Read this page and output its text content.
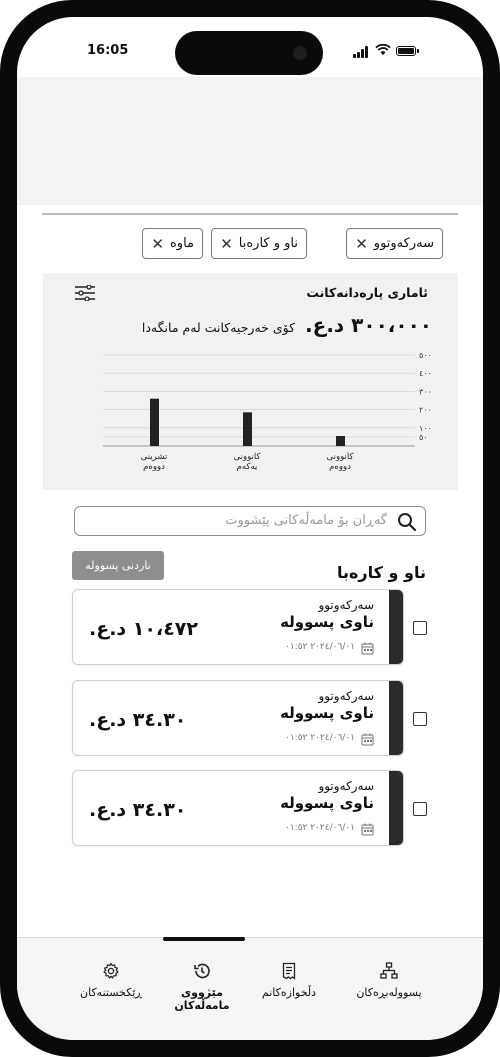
16:05
✕ سەرکەوتوو
✕ ناو و کارەبا
✕ ماوە
ئاماری پارەدانەکانت
کۆی خەرجیەکانت لەم مانگەدا ٣٠٠،٠٠٠ د.ع.
٥٠٠
٤٠٠
٣٠٠
٢٠٠
١٠٠
٥٠
تشرینی
دووەم
کانوونی
یەکەم
کانوونی
دووەم
گەڕان بۆ مامەڵەکانی پێشووت
ناردنی پسوولە	ناو و کارەبا
سەرکەوتوو
ناوی پسوولە
٢٠٢٤/٠٦/٠١ ٠١:٥٢
١٠،٤٧٢ د.ع.
سەرکەوتوو
ناوی پسوولە
٢٠٢٤/٠٦/٠١ ٠١:٥٢
٣٤.٣٠ د.ع.
سەرکەوتوو
ناوی پسوولە
٢٠٢٤/٠٦/٠١ ٠١:٥٢
٣٤.٣٠ د.ع.
پسوولەبڕەکان
دڵخوازەکانم
مێژووی مامەڵەکان
ڕێکخستنەکان
